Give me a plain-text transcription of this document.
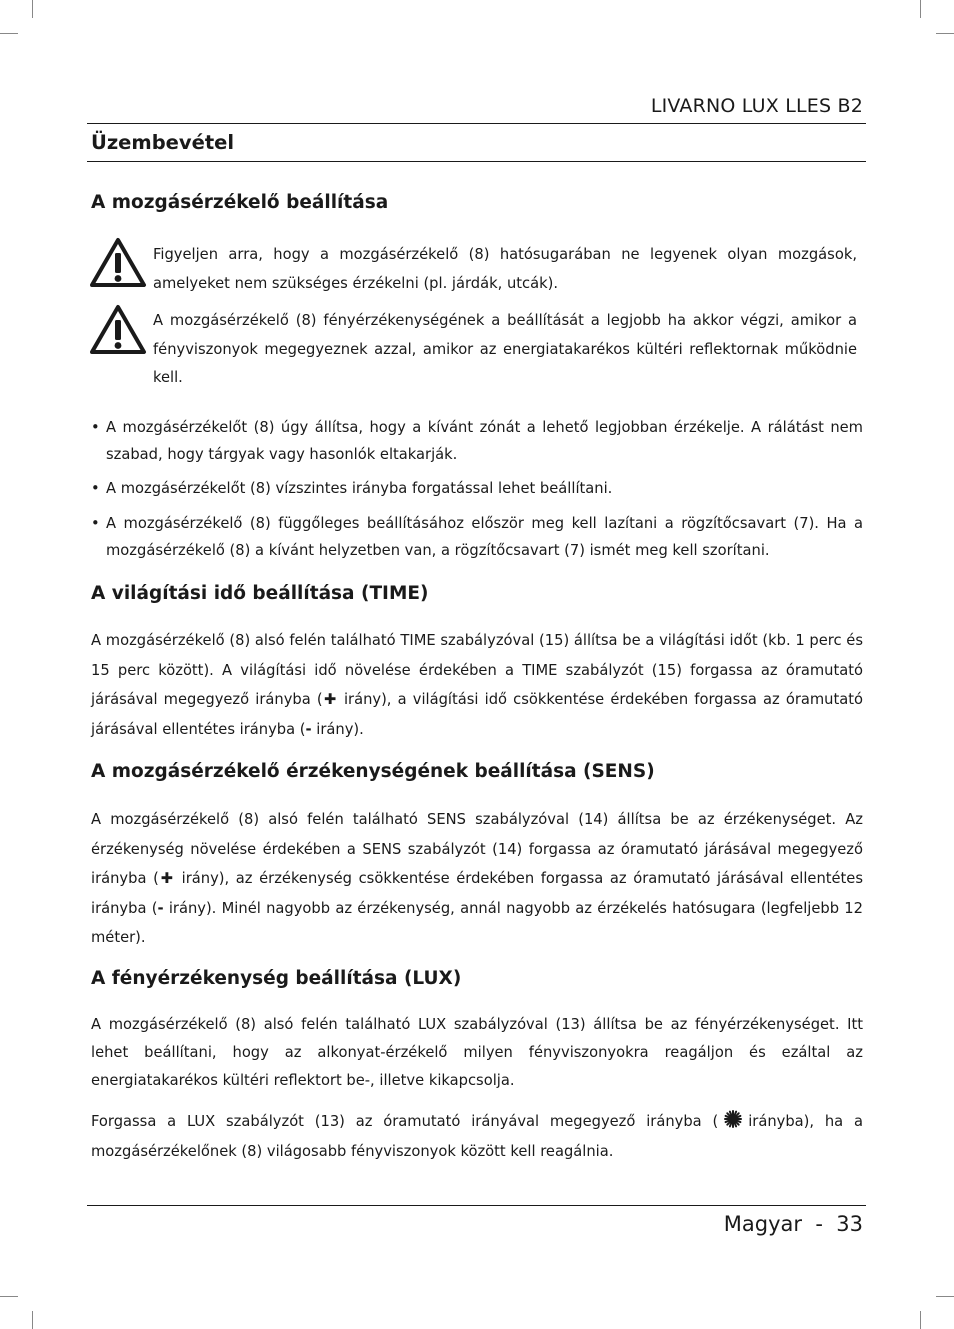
LIVARNO LUX LLES B2
Üzembevétel
A mozgásérzékelő beállítása
Figyeljen arra, hogy a mozgásérzékelő (8) hatósugarában ne legyenek olyan mozgások, amelyeket nem szükséges érzékelni (pl. járdák, utcák).
A mozgásérzékelő (8) fényérzékenységének a beállítását a legjobb ha akkor végzi, amikor a fényviszonyok megegyeznek azzal, amikor az energiatakarékos kültéri reflektornak működnie kell.
• A mozgásérzékelőt (8) úgy állítsa, hogy a kívánt zónát a lehető legjobban érzékelje. A rálátást nem szabad, hogy tárgyak vagy hasonlók eltakarják.
• A mozgásérzékelőt (8) vízszintes irányba forgatással lehet beállítani.
• A mozgásérzékelő (8) függőleges beállításához először meg kell lazítani a rögzítőcsavart (7). Ha a mozgásérzékelő (8) a kívánt helyzetben van, a rögzítőcsavart (7) ismét meg kell szorítani.
A világítási idő beállítása (TIME)
A mozgásérzékelő (8) alsó felén található TIME szabályzóval (15) állítsa be a világítási időt (kb. 1 perc és 15 perc között). A világítási idő növelése érdekében a TIME szabályzót (15) forgassa az óramutató járásával megegyező irányba (✚ irány), a világítási idő csökkentése érdekében forgassa az óramutató járásával ellentétes irányba (- irány).
A mozgásérzékelő érzékenységének beállítása (SENS)
A mozgásérzékelő (8) alsó felén található SENS szabályzóval (14) állítsa be az érzékenységet. Az érzékenység növelése érdekében a SENS szabályzót (14) forgassa az óramutató járásával megegyező irányba (✚ irány), az érzékenység csökkentése érdekében forgassa az óramutató járásával ellentétes irányba (- irány). Minél nagyobb az érzékenység, annál nagyobb az érzékelés hatósugara (legfeljebb 12 méter).
A fényérzékenység beállítása (LUX)
A mozgásérzékelő (8) alsó felén található LUX szabályzóval (13) állítsa be az fényérzékenységet. Itt lehet beállítani, hogy az alkonyat-érzékelő milyen fényviszonyokra reagáljon és ezáltal az energiatakarékos kültéri reflektort be-, illetve kikapcsolja.
Forgassa a LUX szabályzót (13) az óramutató irányával megegyező irányba ( irányba), ha a mozgásérzékelőnek (8) világosabb fényviszonyok között kell reagálnia.
Magyar  -  33
